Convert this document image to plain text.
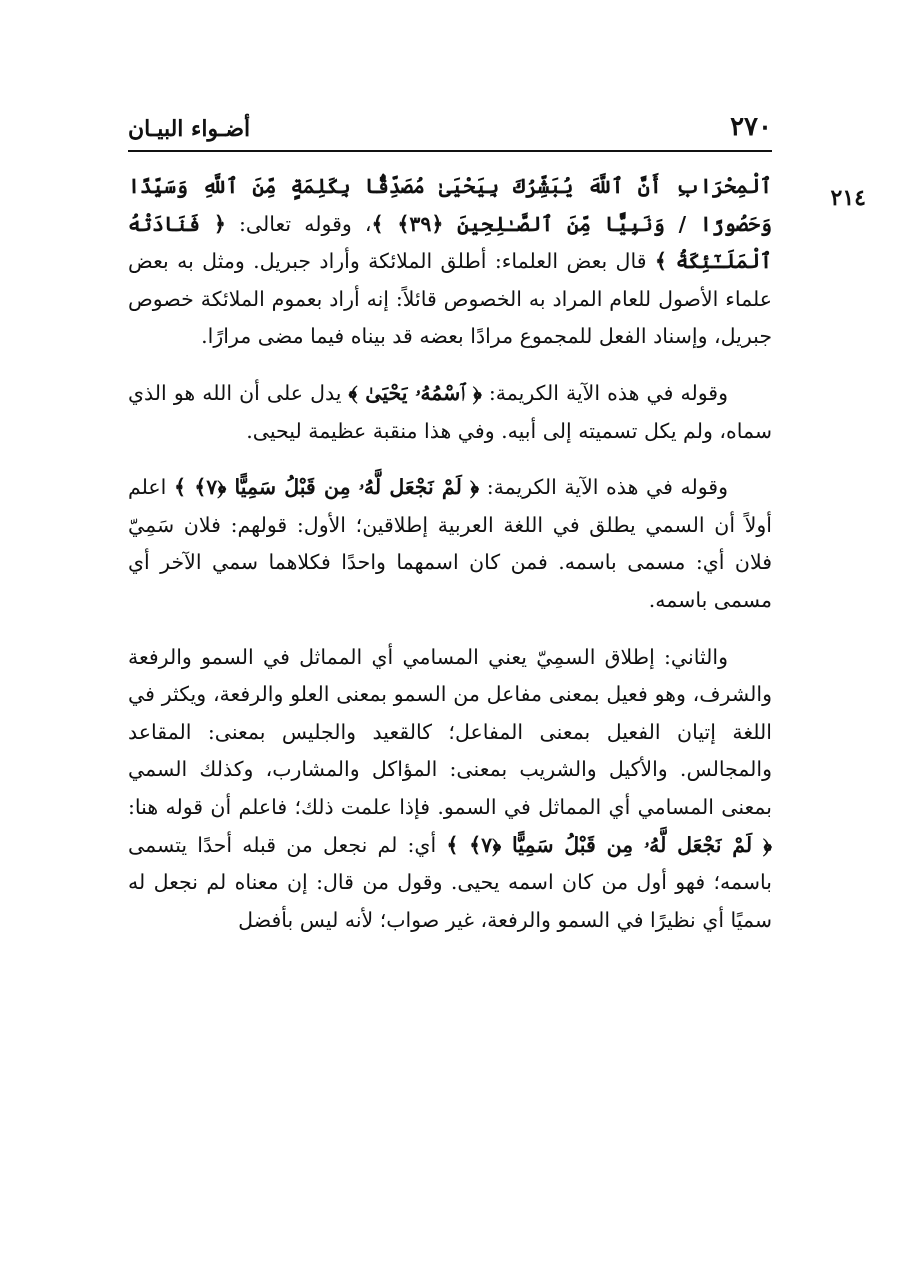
٢٧٠
أضـواء البيـان
٢١٤

ٱلْمِحْرَابِ أَنَّ ٱللَّهَ يُبَشِّرُكَ بِيَحْيَىٰ مُصَدِّقًۢا بِكَلِمَةٍ مِّنَ ٱللَّهِ وَسَيِّدًا وَحَصُورًا / وَنَبِيًّا مِّنَ ٱلصَّـٰلِحِينَ ﴿٣٩﴾ ﴾، وقوله تعالى: ﴿ فَنَادَتْهُ ٱلْمَلَـٰٓئِكَةُ ﴾ قال بعض العلماء: أطلق الملائكة وأراد جبريل. ومثل به بعض علماء الأصول للعام المراد به الخصوص قائلاً: إنه أراد بعموم الملائكة خصوص جبريل، وإسناد الفعل للمجموع مرادًا بعضه قد بيناه فيما مضى مرارًا.

وقوله في هذه الآية الكريمة: ﴿ ٱسْمُهُۥ يَحْيَىٰ ﴾ يدل على أن الله هو الذي سماه، ولم يكل تسميته إلى أبيه. وفي هذا منقبة عظيمة ليحيى.

وقوله في هذه الآية الكريمة: ﴿ لَمْ نَجْعَل لَّهُۥ مِن قَبْلُ سَمِيًّا ﴿٧﴾ ﴾ اعلم أولاً أن السمي يطلق في اللغة العربية إطلاقين؛ الأول: قولهم: فلان سَمِيّ فلان أي: مسمى باسمه. فمن كان اسمهما واحدًا فكلاهما سمي الآخر أي مسمى باسمه.

والثاني: إطلاق السمِيّ يعني المسامي أي المماثل في السمو والرفعة والشرف، وهو فعيل بمعنى مفاعل من السمو بمعنى العلو والرفعة، ويكثر في اللغة إتيان الفعيل بمعنى المفاعل؛ كالقعيد والجليس بمعنى: المقاعد والمجالس. والأكيل والشريب بمعنى: المؤاكل والمشارب، وكذلك السمي بمعنى المسامي أي المماثل في السمو. فإذا علمت ذلك؛ فاعلم أن قوله هنا: ﴿ لَمْ نَجْعَل لَّهُۥ مِن قَبْلُ سَمِيًّا ﴿٧﴾ ﴾ أي: لم نجعل من قبله أحدًا يتسمى باسمه؛ فهو أول من كان اسمه يحيى. وقول من قال: إن معناه لم نجعل له سميًا أي نظيرًا في السمو والرفعة، غير صواب؛ لأنه ليس بأفضل
